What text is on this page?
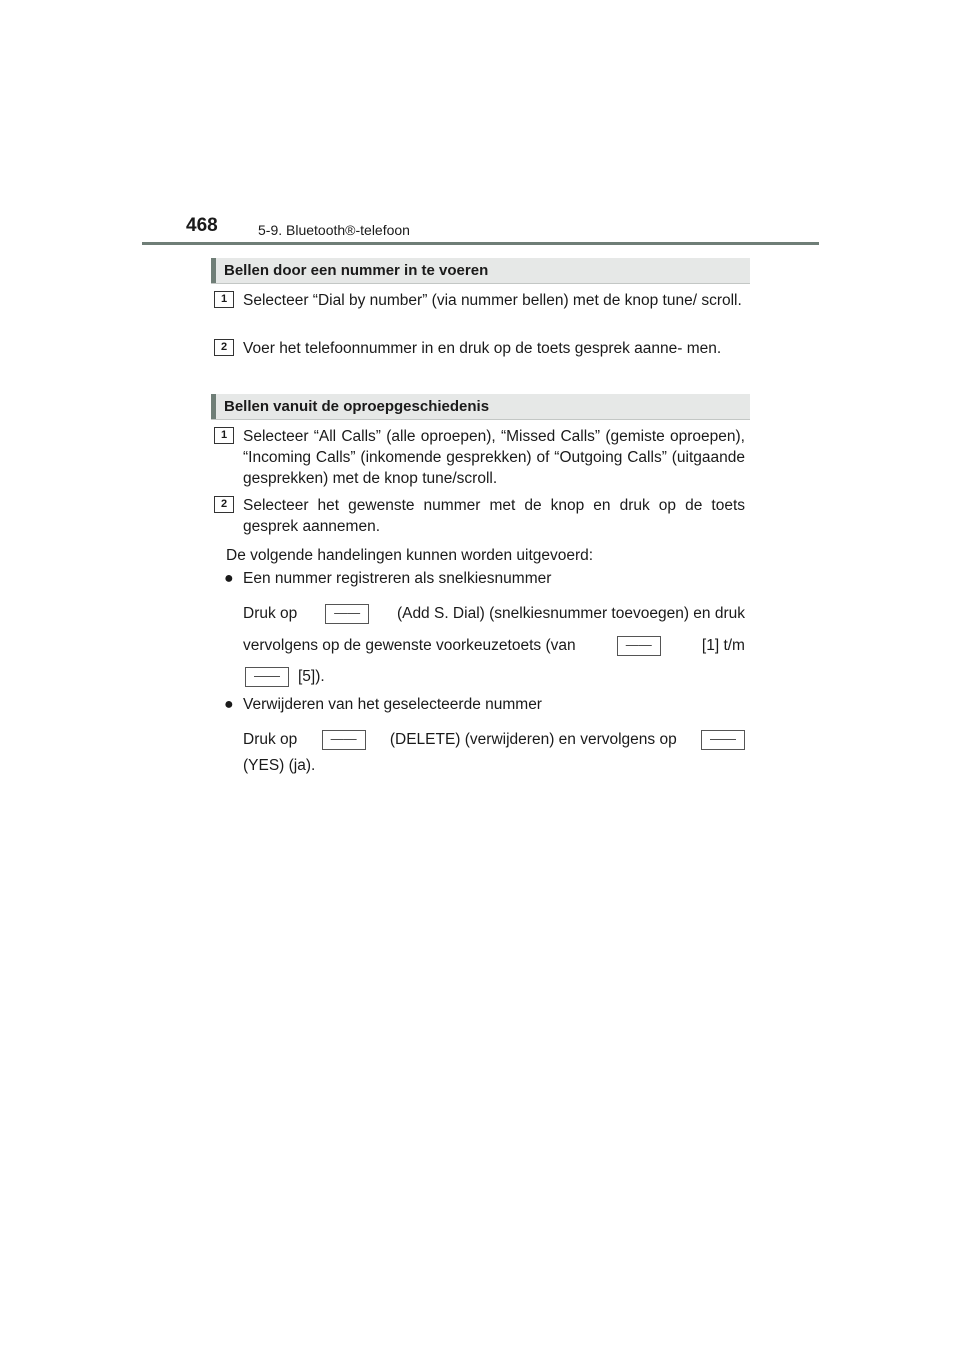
468	5-9. Bluetooth®-telefoon
Bellen door een nummer in te voeren
1	Selecteer “Dial by number” (via nummer bellen) met de knop tune/ scroll.
2	Voer het telefoonnummer in en druk op de toets gesprek aanne- men.
Bellen vanuit de oproepgeschiedenis
1	Selecteer “All Calls” (alle oproepen), “Missed Calls” (gemiste oproepen), “Incoming Calls” (inkomende gesprekken) of “Outgoing Calls” (uitgaande gesprekken) met de knop tune/scroll.
2	Selecteer het gewenste nummer met de knop en druk op de toets gesprek aannemen.
De volgende handelingen kunnen worden uitgevoerd:
● Een nummer registreren als snelkiesnummer
Druk op	——	(Add S. Dial) (snelkiesnummer toevoegen) en druk
vervolgens op de gewenste voorkeuzetoets (van	——	[1] t/m
——	[5]).
● Verwijderen van het geselecteerde nummer
Druk op	——	(DELETE) (verwijderen) en vervolgens op	——
(YES) (ja).
